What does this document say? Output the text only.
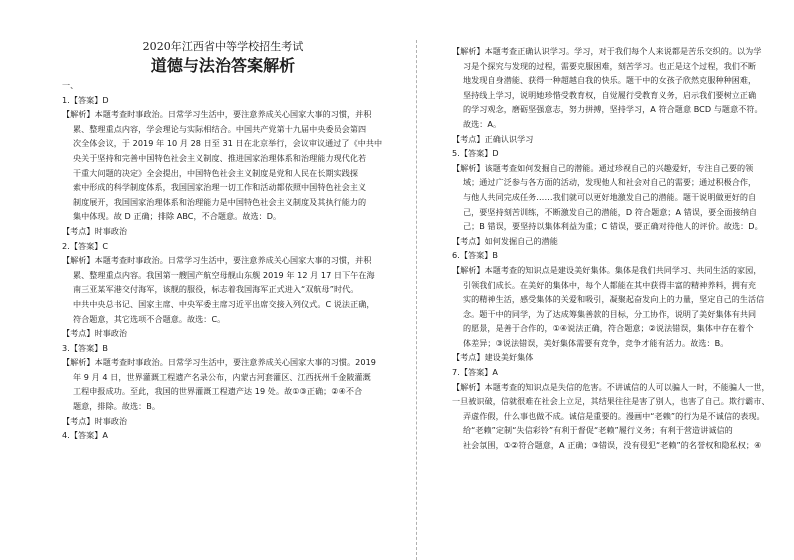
2020年江西省中等学校招生考试
道德与法治答案解析
一、
1.【答案】D
【解析】本题考查时事政治。日常学习生活中，要注意养成关心国家大事的习惯，并积
累、整理重点内容，学会理论与实际相结合。中国共产党第十九届中央委员会第四
次全体会议，于 2019 年 10 月 28 日至 31 日在北京举行，会议审议通过了《中共中
央关于坚持和完善中国特色社会主义制度、推进国家治理体系和治理能力现代化若
干重大问题的决定》全会提出，中国特色社会主义制度是党和人民在长期实践探
索中形成的科学制度体系，我国国家治理一切工作和活动都依照中国特色社会主义
制度展开，我国国家治理体系和治理能力是中国特色社会主义制度及其执行能力的
集中体现。故 D 正确；排除 ABC，不合题意。故选：D。
【考点】时事政治
2.【答案】C
【解析】本题考查时事政治。日常学习生活中，要注意养成关心国家大事的习惯，并积
累、整理重点内容。我国第一艘国产航空母舰山东舰 2019 年 12 月 17 日下午在海
南三亚某军港交付海军，该舰的服役，标志着我国海军正式进入“双航母”时代。
中共中央总书记、国家主席、中央军委主席习近平出席交接入列仪式。C 说法正确，
符合题意，其它选项不合题意。故选：C。
【考点】时事政治
3.【答案】B
【解析】本题考查时事政治。日常学习生活中，要注意养成关心国家大事的习惯。2019
年 9 月 4 日，世界灌溉工程遗产名录公布，内蒙古河套灌区、江西抚州千金陂灌溉
工程申报成功。至此，我国的世界灌溉工程遗产达 19 处。故①③正确；②④不合
题意，排除。故选：B。
【考点】时事政治
4.【答案】A
【解析】本题考查正确认识学习。学习，对于我们每个人来说都是苦乐交织的。以为学
习是个探究与发现的过程，需要克服困难，刻苦学习。也正是这个过程，我们不断
地发现自身潜能、获得一种超越自我的快乐。题干中的女孩子欣然克服种种困难，
坚持线上学习，说明她珍惜受教育权，自觉履行受教育义务，启示我们要树立正确
的学习观念，磨砺坚强意志，努力拼搏，坚持学习，A 符合题意 BCD 与题意不符。
故选：A。
【考点】正确认识学习
5.【答案】D
【解析】该题考查如何发掘自己的潜能。通过珍视自己的兴趣爱好，专注自己要的领
域；通过广泛参与各方面的活动，发现他人和社会对自己的需要；通过积极合作，
与他人共同完成任务……我们就可以更好地激发自己的潜能。题干说明做更好的自
己，要坚持刻苦训练，不断激发自己的潜能，D 符合题意；A 错误，要全面接纳自
己；B 错误，要坚持以集体利益为重；C 错误，要正确对待他人的评价。故选：D。
【考点】如何发掘自己的潜能
6.【答案】B
【解析】本题考查的知识点是建设美好集体。集体是我们共同学习、共同生活的家园，
引领我们成长。在美好的集体中，每个人都能在其中获得丰富的精神养料，拥有充
实的精神生活，感受集体的关爱和吸引，凝聚起奋发向上的力量，坚定自己的生活信
念。题干中的同学，为了达成筹集善款的目标，分工协作，说明了美好集体有共同
的愿景，是善于合作的，①④说法正确，符合题意；②说法错误，集体中存在着个
体差异；③说法错误，美好集体需要有竞争，竞争才能有活力。故选：B。
【考点】建设美好集体
7.【答案】A
【解析】本题考查的知识点是失信的危害。不讲诚信的人可以骗人一时，不能骗人一世，
一旦被识破，信就很难在社会上立足，其结果往往是害了别人，也害了自己。欺行霸市、
弄虚作假，什么事也做不成。诚信是重要的。漫画中“老赖”的行为是不诚信的表现。
给“老赖”定制“失信彩铃”有利于督促“老赖”履行义务；有利于营造讲诚信的
社会氛围，①②符合题意，A 正确；③错误，没有侵犯“老赖”的名誉权和隐私权；④
